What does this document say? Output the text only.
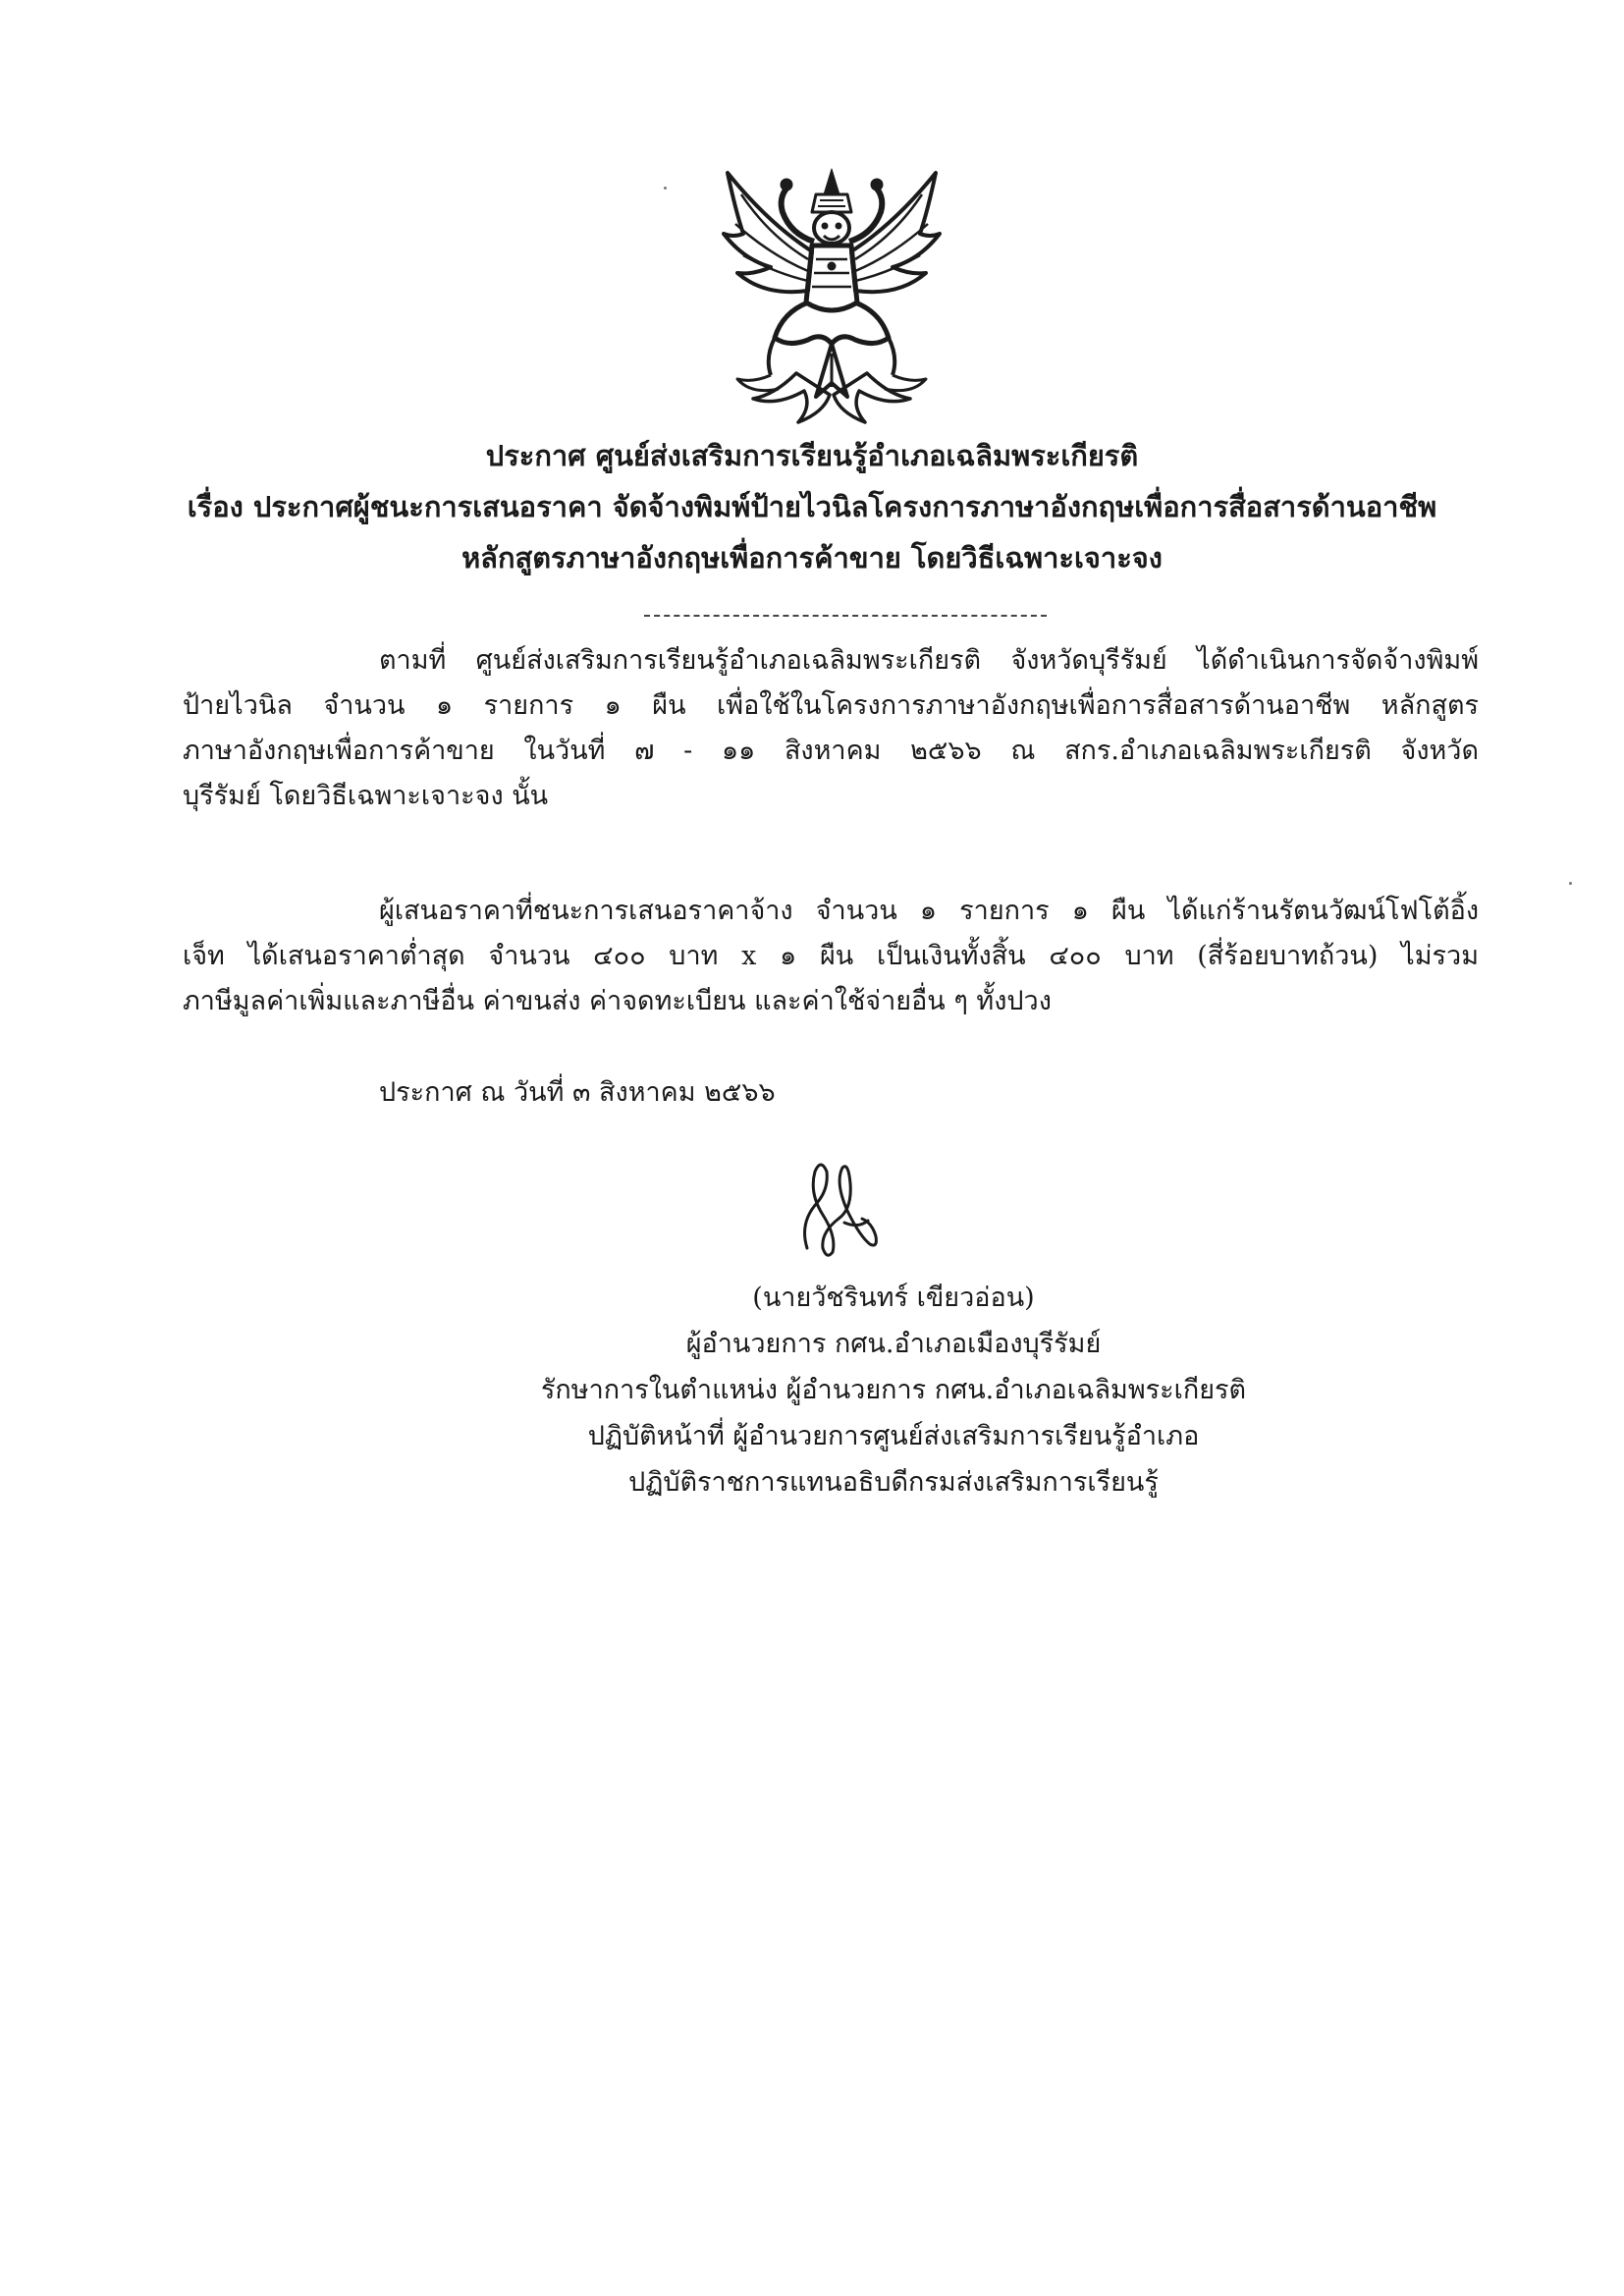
ประกาศ ศูนย์ส่งเสริมการเรียนรู้อำเภอเฉลิมพระเกียรติ
เรื่อง ประกาศผู้ชนะการเสนอราคา จัดจ้างพิมพ์ป้ายไวนิลโครงการภาษาอังกฤษเพื่อการสื่อสารด้านอาชีพ
หลักสูตรภาษาอังกฤษเพื่อการค้าขาย โดยวิธีเฉพาะเจาะจง
ตามที่ ศูนย์ส่งเสริมการเรียนรู้อำเภอเฉลิมพระเกียรติ จังหวัดบุรีรัมย์ ได้ดำเนินการจัดจ้างพิมพ์
ป้ายไวนิล จำนวน ๑ รายการ ๑ ผืน เพื่อใช้ในโครงการภาษาอังกฤษเพื่อการสื่อสารด้านอาชีพ หลักสูตร
ภาษาอังกฤษเพื่อการค้าขาย ในวันที่ ๗ - ๑๑ สิงหาคม ๒๕๖๖ ณ สกร.อำเภอเฉลิมพระเกียรติ จังหวัด
บุรีรัมย์ โดยวิธีเฉพาะเจาะจง นั้น
ผู้เสนอราคาที่ชนะการเสนอราคาจ้าง จำนวน ๑ รายการ ๑ ผืน ได้แก่ร้านรัตนวัฒน์โฟโต้อิ้ง
เจ็ท ได้เสนอราคาต่ำสุด จำนวน ๔๐๐ บาท x ๑ ผืน เป็นเงินทั้งสิ้น ๔๐๐ บาท (สี่ร้อยบาทถ้วน) ไม่รวม
ภาษีมูลค่าเพิ่มและภาษีอื่น ค่าขนส่ง ค่าจดทะเบียน และค่าใช้จ่ายอื่น ๆ ทั้งปวง
ประกาศ ณ วันที่ ๓ สิงหาคม ๒๕๖๖
(นายวัชรินทร์ เขียวอ่อน)
ผู้อำนวยการ กศน.อำเภอเมืองบุรีรัมย์
รักษาการในตำแหน่ง ผู้อำนวยการ กศน.อำเภอเฉลิมพระเกียรติ
ปฏิบัติหน้าที่ ผู้อำนวยการศูนย์ส่งเสริมการเรียนรู้อำเภอ
ปฏิบัติราชการแทนอธิบดีกรมส่งเสริมการเรียนรู้
